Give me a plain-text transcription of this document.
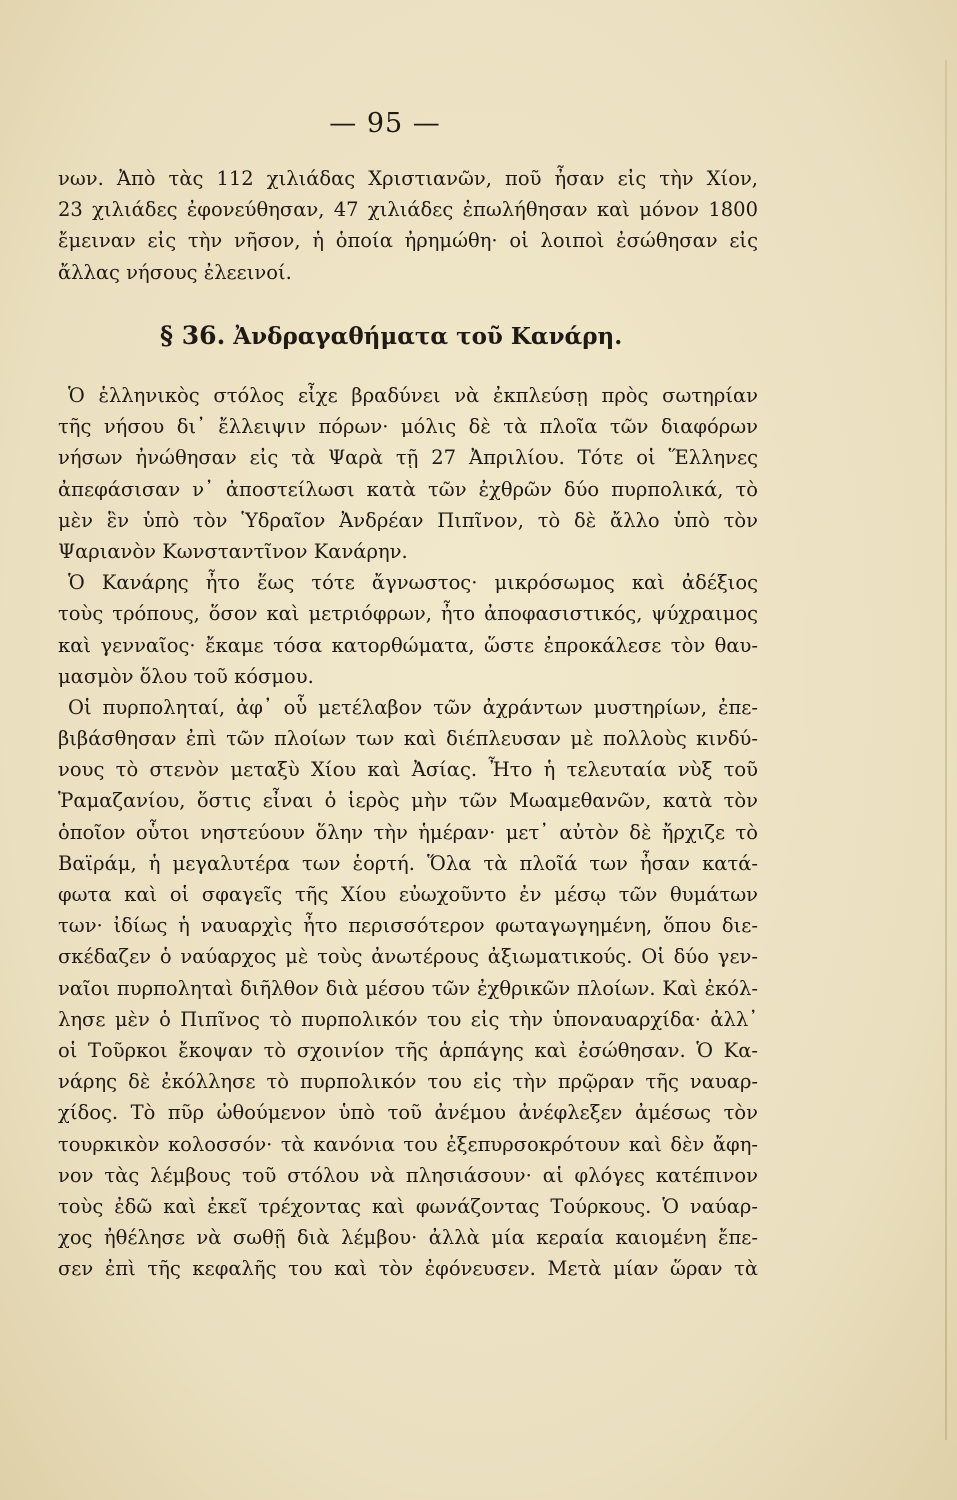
— 95 —
νων. Ἀπὸ τὰς 112 χιλιάδας Χριστιανῶν, ποῦ ἦσαν εἰς τὴν Χίον,
23 χιλιάδες ἐφονεύθησαν, 47 χιλιάδες ἐπωλήθησαν καὶ μόνον 1800
ἔμειναν εἰς τὴν νῆσον, ἡ ὁποία ἠρημώθη· οἱ λοιποὶ ἐσώθησαν εἰς
ἄλλας νήσους ἐλεεινοί.
§ 36. Ἀνδραγαθήματα τοῦ Κανάρη.
Ὁ ἑλληνικὸς στόλος εἶχε βραδύνει νὰ ἐκπλεύσῃ πρὸς σωτηρίαν
τῆς νήσου δι᾽ ἔλλειψιν πόρων· μόλις δὲ τὰ πλοῖα τῶν διαφόρων
νήσων ἠνώθησαν εἰς τὰ Ψαρὰ τῇ 27 Ἀπριλίου. Τότε οἱ Ἕλληνες
ἀπεφάσισαν ν᾽ ἀποστείλωσι κατὰ τῶν ἐχθρῶν δύο πυρπολικά, τὸ
μὲν ἓν ὑπὸ τὸν Ὑδραῖον Ἀνδρέαν Πιπῖνον, τὸ δὲ ἄλλο ὑπὸ τὸν
Ψαριανὸν Κωνσταντῖνον Κανάρην.
Ὁ Κανάρης ἦτο ἕως τότε ἄγνωστος· μικρόσωμος καὶ ἀδέξιος
τοὺς τρόπους, ὅσον καὶ μετριόφρων, ἦτο ἀποφασιστικός, ψύχραιμος
καὶ γενναῖος· ἔκαμε τόσα κατορθώματα, ὥστε ἐπροκάλεσε τὸν θαυ-
μασμὸν ὅλου τοῦ κόσμου.
Οἱ πυρποληταί, ἀφ᾽ οὗ μετέλαβον τῶν ἀχράντων μυστηρίων, ἐπε-
βιβάσθησαν ἐπὶ τῶν πλοίων των καὶ διέπλευσαν μὲ πολλοὺς κινδύ-
νους τὸ στενὸν μεταξὺ Χίου καὶ Ἀσίας. Ἦτο ἡ τελευταία νὺξ τοῦ
Ῥαμαζανίου, ὅστις εἶναι ὁ ἱερὸς μὴν τῶν Μωαμεθανῶν, κατὰ τὸν
ὁποῖον οὗτοι νηστεύουν ὅλην τὴν ἡμέραν· μετ᾽ αὐτὸν δὲ ἤρχιζε τὸ
Βαϊράμ, ἡ μεγαλυτέρα των ἑορτή. Ὅλα τὰ πλοῖά των ἦσαν κατά-
φωτα καὶ οἱ σφαγεῖς τῆς Χίου εὐωχοῦντο ἐν μέσῳ τῶν θυμάτων
των· ἰδίως ἡ ναυαρχὶς ἦτο περισσότερον φωταγωγημένη, ὅπου διε-
σκέδαζεν ὁ ναύαρχος μὲ τοὺς ἀνωτέρους ἀξιωματικούς. Οἱ δύο γεν-
ναῖοι πυρποληταὶ διῆλθον διὰ μέσου τῶν ἐχθρικῶν πλοίων. Καὶ ἐκόλ-
λησε μὲν ὁ Πιπῖνος τὸ πυρπολικόν του εἰς τὴν ὑποναυαρχίδα· ἀλλ᾽
οἱ Τοῦρκοι ἔκοψαν τὸ σχοινίον τῆς ἁρπάγης καὶ ἐσώθησαν. Ὁ Κα-
νάρης δὲ ἐκόλλησε τὸ πυρπολικόν του εἰς τὴν πρῷραν τῆς ναυαρ-
χίδος. Τὸ πῦρ ὠθούμενον ὑπὸ τοῦ ἀνέμου ἀνέφλεξεν ἀμέσως τὸν
τουρκικὸν κολοσσόν· τὰ κανόνια του ἐξεπυρσοκρότουν καὶ δὲν ἄφη-
νον τὰς λέμβους τοῦ στόλου νὰ πλησιάσουν· αἱ φλόγες κατέπινον
τοὺς ἐδῶ καὶ ἐκεῖ τρέχοντας καὶ φωνάζοντας Τούρκους. Ὁ ναύαρ-
χος ἠθέλησε νὰ σωθῇ διὰ λέμβου· ἀλλὰ μία κεραία καιομένη ἔπε-
σεν ἐπὶ τῆς κεφαλῆς του καὶ τὸν ἐφόνευσεν. Μετὰ μίαν ὥραν τὰ
